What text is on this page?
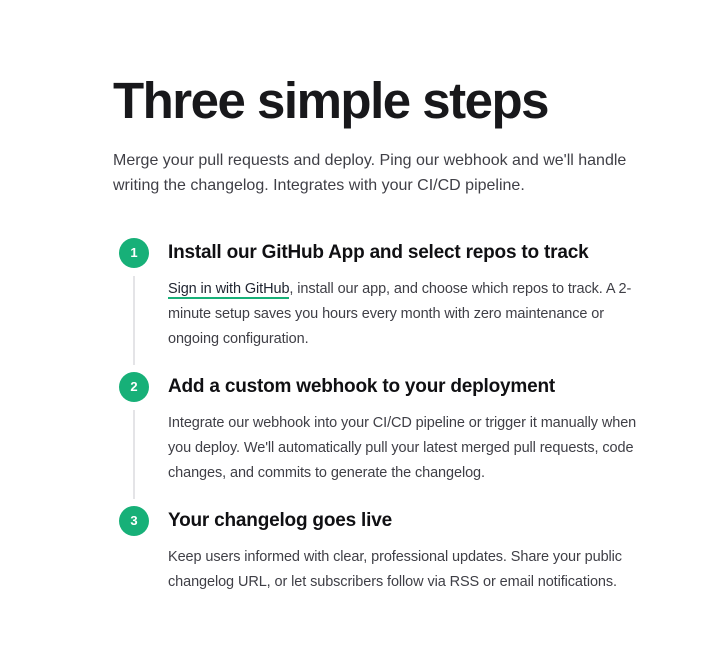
Three simple steps

Merge your pull requests and deploy. Ping our webhook and we'll handle writing the changelog. Integrates with your CI/CD pipeline.

1	Install our GitHub App and select repos to track

Sign in with GitHub, install our app, and choose which repos to track. A 2-minute setup saves you hours every month with zero maintenance or ongoing configuration.

2	Add a custom webhook to your deployment

Integrate our webhook into your CI/CD pipeline or trigger it manually when you deploy. We'll automatically pull your latest merged pull requests, code changes, and commits to generate the changelog.

3	Your changelog goes live

Keep users informed with clear, professional updates. Share your public changelog URL, or let subscribers follow via RSS or email notifications.
